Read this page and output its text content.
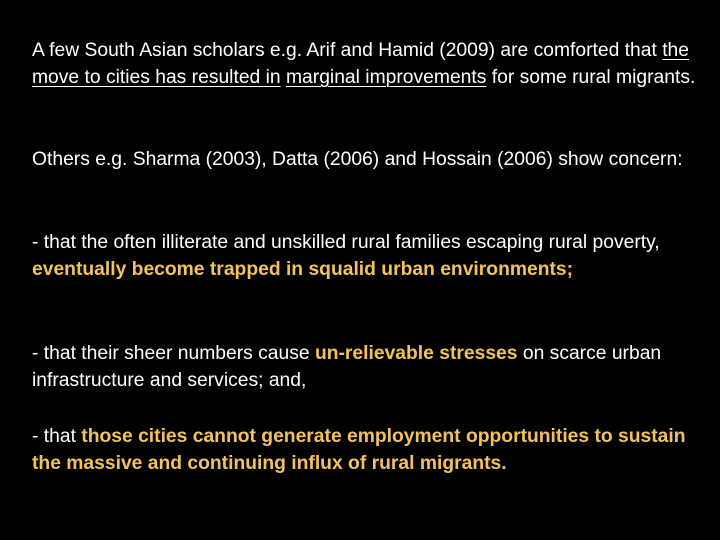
A few South Asian scholars e.g. Arif and Hamid (2009) are comforted that the move to cities has resulted in marginal improvements for some rural migrants.

Others e.g. Sharma (2003), Datta (2006) and Hossain (2006) show concern:

- that the often illiterate and unskilled rural families escaping rural poverty, eventually become trapped in squalid urban environments;

- that their sheer numbers cause un-relievable stresses on scarce urban infrastructure and services; and,

- that those cities cannot generate employment opportunities to sustain the massive and continuing influx of rural migrants.
